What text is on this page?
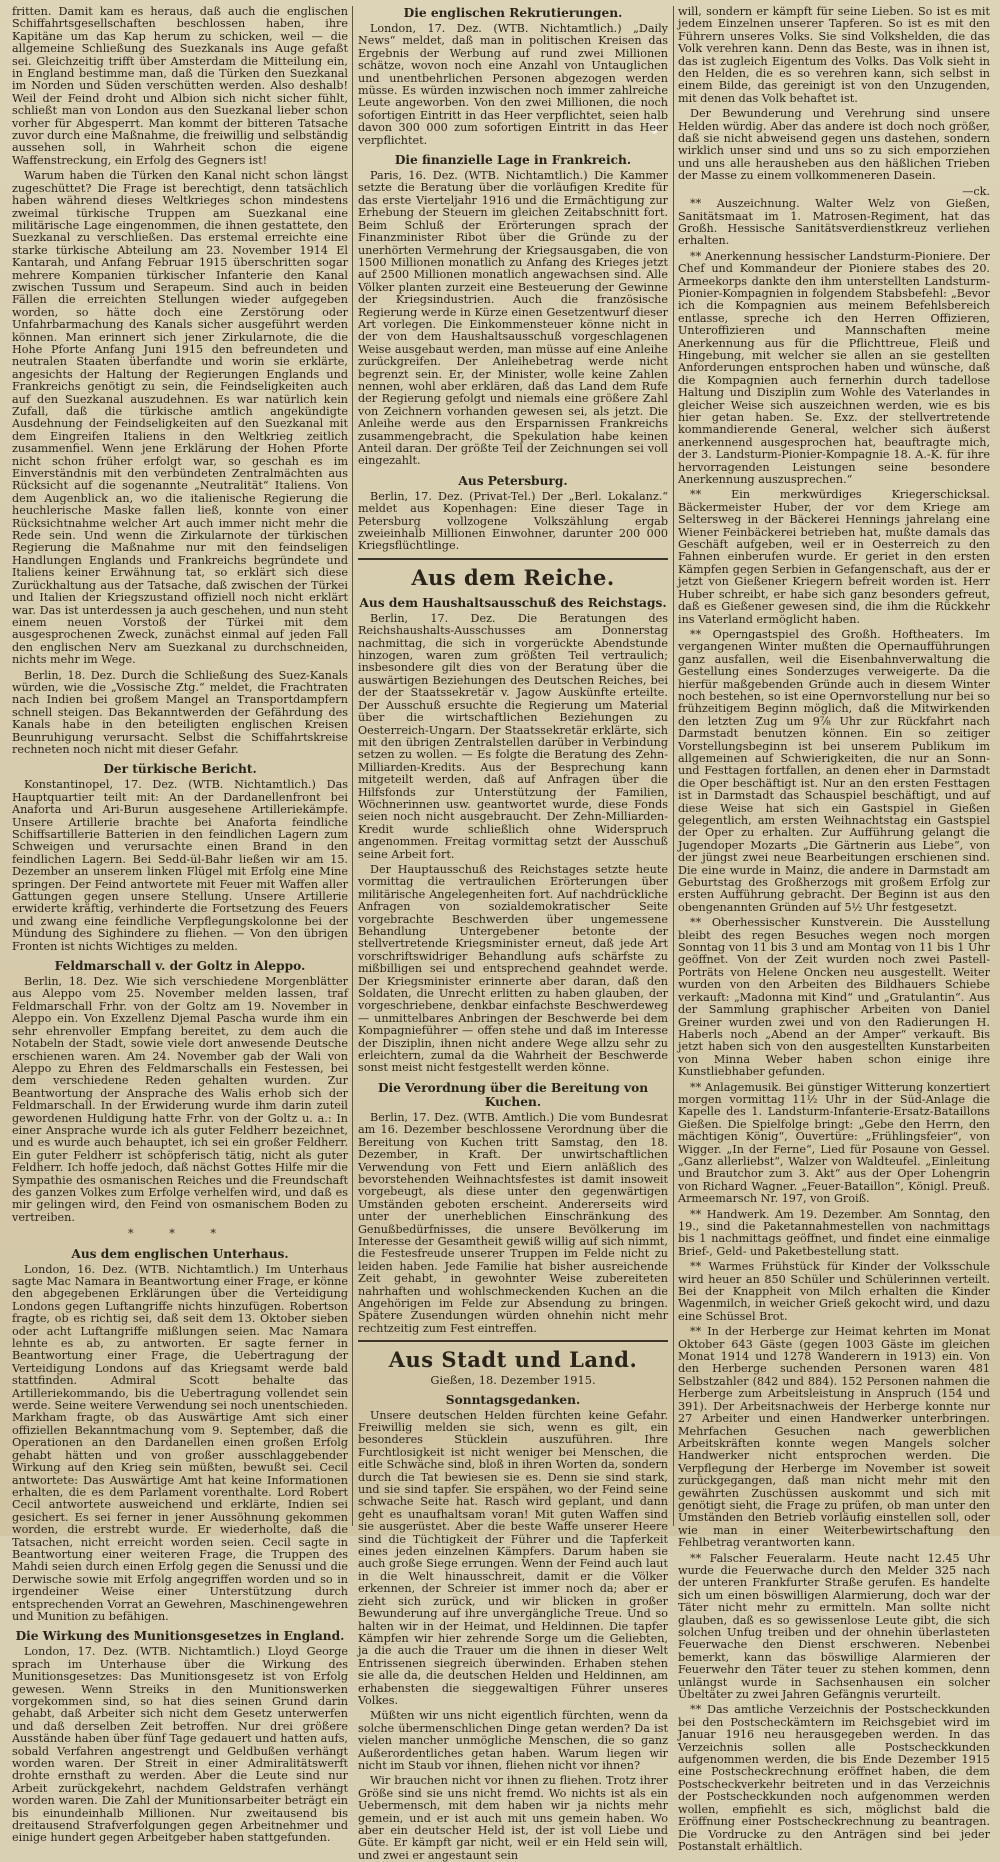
fritten. Damit kam es heraus, daß auch die englischen Schiffahrtsgesellschaften beschlossen haben, ihre Kapitäne um das Kap herum zu schicken, weil — die allgemeine Schließung des Suezkanals ins Auge gefaßt sei. Gleichzeitig trifft über Amsterdam die Mitteilung ein, in England bestimme man, daß die Türken den Suezkanal im Norden und Süden verschütten werden. Also deshalb! Weil der Feind droht und Albion sich nicht sicher fühlt, schließt man von London aus den Suezkanal lieber schon vorher für Abgesperrt. Man kommt der bitteren Tatsache zuvor durch eine Maßnahme, die freiwillig und selbständig aussehen soll, in Wahrheit schon die eigene Waffenstreckung, ein Erfolg des Gegners ist!

Warum haben die Türken den Kanal nicht schon längst zugeschüttet? Die Frage ist berechtigt, denn tatsächlich haben während dieses Weltkrieges schon mindestens zweimal türkische Truppen am Suezkanal eine militärische Lage eingenommen, die ihnen gestattete, den Suezkanal zu verschließen. Das erstemal erreichte eine starke türkische Abteilung am 23. November 1914 El Kantarah, und Anfang Februar 1915 überschritten sogar mehrere Kompanien türkischer Infanterie den Kanal zwischen Tussum und Serapeum. Sind auch in beiden Fällen die erreichten Stellungen wieder aufgegeben worden, so hätte doch eine Zerstörung oder Unfahrbarmachung des Kanals sicher ausgeführt werden können. Man erinnert sich jener Zirkularnote, die die Hohe Pforte Anfang Juni 1915 den befreundeten und neutralen Staaten überfandte und worin sie erklärte, angesichts der Haltung der Regierungen Englands und Frankreichs genötigt zu sein, die Feindseligkeiten auch auf den Suezkanal auszudehnen. Es war natürlich kein Zufall, daß die türkische amtlich angekündigte Ausdehnung der Feindseligkeiten auf den Suezkanal mit dem Eingreifen Italiens in den Weltkrieg zeitlich zusammenfiel. Wenn jene Erklärung der Hohen Pforte nicht schon früher erfolgt war, so geschah es im Einverständnis mit den verbündeten Zentralmächten aus Rücksicht auf die sogenannte „Neutralität“ Italiens. Von dem Augenblick an, wo die italienische Regierung die heuchlerische Maske fallen ließ, konnte von einer Rücksichtnahme welcher Art auch immer nicht mehr die Rede sein. Und wenn die Zirkularnote der türkischen Regierung die Maßnahme nur mit den feindseligen Handlungen Englands und Frankreichs begründete und Italiens keiner Erwähnung tat, so erklärt sich diese Zurückhaltung aus der Tatsache, daß zwischen der Türkei und Italien der Kriegszustand offiziell noch nicht erklärt war. Das ist unterdessen ja auch geschehen, und nun steht einem neuen Vorstoß der Türkei mit dem ausgesprochenen Zweck, zunächst einmal auf jeden Fall den englischen Nerv am Suezkanal zu durchschneiden, nichts mehr im Wege.

Berlin, 18. Dez. Durch die Schließung des Suez-Kanals würden, wie die „Vossische Ztg.“ meldet, die Frachtraten nach Indien bei großem Mangel an Transportdampfern schnell steigen. Das Bekanntwerden der Gefährdung des Kanals habe in den beteiligten englischen Kreisen Beunruhigung verursacht. Selbst die Schiffahrtskreise rechneten noch nicht mit dieser Gefahr.

Der türkische Bericht.

Konstantinopel, 17. Dez. (WTB. Nichtamtlich.) Das Hauptquartier teilt mit: An der Dardanellenfront bei Anaforta und Ari-Burun ausgesehene Artilleriekämpfe. Unsere Artillerie brachte bei Anaforta feindliche Schiffsartillerie Batterien in den feindlichen Lagern zum Schweigen und verursachte einen Brand in den feindlichen Lagern. Bei Sedd-ül-Bahr ließen wir am 15. Dezember an unserem linken Flügel mit Erfolg eine Mine springen. Der Feind antwortete mit Feuer mit Waffen aller Gattungen gegen unsere Stellung. Unsere Artillerie erwiderte kräftig, verhinderte die Fortsetzung des Feuers und zwang eine feindliche Verpflegungskolonne bei der Mündung des Sighindere zu fliehen. — Von den übrigen Fronten ist nichts Wichtiges zu melden.

Feldmarschall v. der Goltz in Aleppo.

Berlin, 18. Dez. Wie sich verschiedene Morgenblätter aus Aleppo vom 25. November melden lassen, traf Feldmarschall Frhr. von der Goltz am 19. November in Aleppo ein. Von Exzellenz Djemal Pascha wurde ihm ein sehr ehrenvoller Empfang bereitet, zu dem auch die Notabeln der Stadt, sowie viele dort anwesende Deutsche erschienen waren. Am 24. November gab der Wali von Aleppo zu Ehren des Feldmarschalls ein Festessen, bei dem verschiedene Reden gehalten wurden. Zur Beantwortung der Ansprache des Walis erhob sich der Feldmarschall. In der Erwiderung wurde ihm darin zuteil gewordenen Huldigung hatte Frhr. von der Goltz u. a.: In einer Ansprache wurde ich als guter Feldherr bezeichnet, und es wurde auch behauptet, ich sei ein großer Feldherr. Ein guter Feldherr ist schöpferisch tätig, nicht als guter Feldherr. Ich hoffe jedoch, daß nächst Gottes Hilfe mir die Sympathie des osmanischen Reiches und die Freundschaft des ganzen Volkes zum Erfolge verhelfen wird, und daß es mir gelingen wird, den Feind von osmanischem Boden zu vertreiben.

* * *
Aus dem englischen Unterhaus.

London, 16. Dez. (WTB. Nichtamtlich.) Im Unterhaus sagte Mac Namara in Beantwortung einer Frage, er könne den abgegebenen Erklärungen über die Verteidigung Londons gegen Luftangriffe nichts hinzufügen. Robertson fragte, ob es richtig sei, daß seit dem 13. Oktober sieben oder acht Luftangriffe mißlungen seien. Mac Namara lehnte es ab, zu antworten. Er sagte ferner in Beantwortung einer Frage, die Uebertragung der Verteidigung Londons auf das Kriegsamt werde bald stattfinden. Admiral Scott behalte das Artilleriekommando, bis die Uebertragung vollendet sein werde. Seine weitere Verwendung sei noch unentschieden. Markham fragte, ob das Auswärtige Amt sich einer offiziellen Bekanntmachung vom 9. September, daß die Operationen an den Dardanellen einen großen Erfolg gehabt hätten und von großer ausschlaggebender Wirkung auf den Krieg sein müßten, bewußt sei. Cecil antwortete: Das Auswärtige Amt hat keine Informationen erhalten, die es dem Parlament vorenthalte. Lord Robert Cecil antwortete ausweichend und erklärte, Indien sei gesichert. Es sei ferner in jener Aussöhnung gekommen worden, die erstrebt wurde. Er wiederholte, daß die Tatsachen, nicht erreicht worden seien. Cecil sagte in Beantwortung einer weiteren Frage, die Truppen des Mahdi seien durch einen Erfolg gegen die Senussi und die Derwische sowie mit Erfolg angegriffen worden und so in irgendeiner Weise einer Unterstützung durch entsprechenden Vorrat an Gewehren, Maschinengewehren und Munition zu befähigen.

Die Wirkung des Munitionsgesetzes in England.

London, 17. Dez. (WTB. Nichtamtlich.) Lloyd George sprach im Unterhause über die Wirkung des Munitionsgesetzes: Das Munitionsgesetz ist von Erfolg gewesen. Wenn Streiks in den Munitionswerken vorgekommen sind, so hat dies seinen Grund darin gehabt, daß Arbeiter sich nicht dem Gesetz unterwerfen und daß derselben Zeit betroffen. Nur drei größere Ausstände haben über fünf Tage gedauert und hatten aufs, sobald Verfahren angestrengt und Geldbußen verhängt worden waren. Der Streit in einer Admiralitätswerft drohte ernsthaft zu werden. Aber die Leute sind nur Arbeit zurückgekehrt, nachdem Geldstrafen verhängt worden waren. Die Zahl der Munitionsarbeiter beträgt ein bis einundeinhalb Millionen. Nur zweitausend bis dreitausend Strafverfolgungen gegen Arbeitnehmer und einige hundert gegen Arbeitgeber haben stattgefunden.

Die englischen Rekrutierungen.

London, 17. Dez. (WTB. Nichtamtlich.) „Daily News“ meldet, daß man in politischen Kreisen das Ergebnis der Werbung auf rund zwei Millionen schätze, wovon noch eine Anzahl von Untauglichen und unentbehrlichen Personen abgezogen werden müsse. Es würden inzwischen noch immer zahlreiche Leute angeworben. Von den zwei Millionen, die noch sofortigen Eintritt in das Heer verpflichtet, seien halb davon 300 000 zum sofortigen Eintritt in das Heer verpflichtet.

Die finanzielle Lage in Frankreich.

Paris, 16. Dez. (WTB. Nichtamtlich.) Die Kammer setzte die Beratung über die vorläufigen Kredite für das erste Vierteljahr 1916 und die Ermächtigung zur Erhebung der Steuern im gleichen Zeitabschnitt fort. Beim Schluß der Erörterungen sprach der Finanzminister Ribot über die Gründe zu der unerhörten Vermehrung der Kriegsausgaben, die von 1500 Millionen monatlich zu Anfang des Krieges jetzt auf 2500 Millionen monatlich angewachsen sind. Alle Völker planten zurzeit eine Besteuerung der Gewinne der Kriegsindustrien. Auch die französische Regierung werde in Kürze einen Gesetzentwurf dieser Art vorlegen. Die Einkommensteuer könne nicht in der von dem Haushaltsausschuß vorgeschlagenen Weise ausgebaut werden, man müsse auf eine Anleihe zurückgreifen. Der Anleihebetrag werde nicht begrenzt sein. Er, der Minister, wolle keine Zahlen nennen, wohl aber erklären, daß das Land dem Rufe der Regierung gefolgt und niemals eine größere Zahl von Zeichnern vorhanden gewesen sei, als jetzt. Die Anleihe werde aus den Ersparnissen Frankreichs zusammengebracht, die Spekulation habe keinen Anteil daran. Der größte Teil der Zeichnungen sei voll eingezahlt.

Aus Petersburg.

Berlin, 17. Dez. (Privat-Tel.) Der „Berl. Lokalanz.“ meldet aus Kopenhagen: Eine dieser Tage in Petersburg vollzogene Volkszählung ergab zweieinhalb Millionen Einwohner, darunter 200 000 Kriegsflüchtlinge.

Aus dem Reiche.
Aus dem Haushaltsausschuß des Reichstags.

Berlin, 17. Dez. Die Beratungen des Reichshaushalts-Ausschusses am Donnerstag nachmittag, die sich in vorgerückte Abendstunde hinzogen, waren zum größten Teil vertraulich; insbesondere gilt dies von der Beratung über die auswärtigen Beziehungen des Deutschen Reiches, bei der der Staatssekretär v. Jagow Auskünfte erteilte. Der Ausschuß ersuchte die Regierung um Material über die wirtschaftlichen Beziehungen zu Oesterreich-Ungarn. Der Staatssekretär erklärte, sich mit den übrigen Zentralstellen darüber in Verbindung setzen zu wollen. — Es folgte die Beratung des Zehn-Milliarden-Kredits. Aus der Besprechung kann mitgeteilt werden, daß auf Anfragen über die Hilfsfonds zur Unterstützung der Familien, Wöchnerinnen usw. geantwortet wurde, diese Fonds seien noch nicht ausgebraucht. Der Zehn-Milliarden-Kredit wurde schließlich ohne Widerspruch angenommen. Freitag vormittag setzt der Ausschuß seine Arbeit fort.

Der Hauptausschuß des Reichstages setzte heute vormittag die vertraulichen Erörterungen über militärische Angelegenheiten fort. Auf nachdrückliche Anfragen von sozialdemokratischer Seite vorgebrachte Beschwerden über ungemessene Behandlung Untergebener betonte der stellvertretende Kriegsminister erneut, daß jede Art vorschriftswidriger Behandlung aufs schärfste zu mißbilligen sei und entsprechend geahndet werde. Der Kriegsminister erinnerte aber daran, daß den Soldaten, die Unrecht erlitten zu haben glauben, der vorgeschriebene, denkbar einfachste Beschwerdeweg — unmittelbares Anbringen der Beschwerde bei dem Kompagnieführer — offen stehe und daß im Interesse der Disziplin, ihnen nicht andere Wege allzu sehr zu erleichtern, zumal da die Wahrheit der Beschwerde sonst meist nicht festgestellt werden könne.

Die Verordnung über die Bereitung von Kuchen.

Berlin, 17. Dez. (WTB. Amtlich.) Die vom Bundesrat am 16. Dezember beschlossene Verordnung über die Bereitung von Kuchen tritt Samstag, den 18. Dezember, in Kraft. Der unwirtschaftlichen Verwendung von Fett und Eiern anläßlich des bevorstehenden Weihnachtsfestes ist damit insoweit vorgebeugt, als diese unter den gegenwärtigen Umständen geboten erscheint. Andererseits wird unter der unerheblichen Einschränkung des Genußbedürfnisses, die unsere Bevölkerung im Interesse der Gesamtheit gewiß willig auf sich nimmt, die Festesfreude unserer Truppen im Felde nicht zu leiden haben. Jede Familie hat bisher ausreichende Zeit gehabt, in gewohnter Weise zubereiteten nahrhaften und wohlschmeckenden Kuchen an die Angehörigen im Felde zur Absendung zu bringen. Spätere Zusendungen würden ohnehin nicht mehr rechtzeitig zum Fest eintreffen.

Aus Stadt und Land.
Gießen, 18. Dezember 1915.
Sonntagsgedanken.

Unsere deutschen Helden fürchten keine Gefahr. Freiwillig melden sie sich, wenn es gilt, ein besonderes Stücklein auszuführen. Ihre Furchtlosigkeit ist nicht weniger bei Menschen, die eitle Schwäche sind, bloß in ihren Worten da, sondern durch die Tat bewiesen sie es. Denn sie sind stark, und sie sind tapfer. Sie erspähen, wo der Feind seine schwache Seite hat. Rasch wird geplant, und dann geht es unaufhaltsam voran! Mit guten Waffen sind sie ausgerüstet. Aber die beste Waffe unserer Heere sind die Tüchtigkeit der Führer und die Tapferkeit eines jeden einzelnen Kämpfers. Darum haben sie auch große Siege errungen. Wenn der Feind auch laut in die Welt hinausschreit, damit er die Völker erkennen, der Schreier ist immer noch da; aber er zieht sich zurück, und wir blicken in großer Bewunderung auf ihre unvergängliche Treue. Und so halten wir in der Heimat, und Heldinnen. Die tapfer Kämpfen wir hier zehrende Sorge um die Geliebten, ja die auch die Trauer um die ihnen in dieser Welt Entrissenen siegreich überwinden. Erhaben stehen sie alle da, die deutschen Helden und Heldinnen, am erhabensten die sieggewaltigen Führer unseres Volkes.

Müßten wir uns nicht eigentlich fürchten, wenn da solche übermenschlichen Dinge getan werden? Da ist vielen mancher unmögliche Menschen, die so ganz Außerordentliches getan haben. Warum liegen wir nicht im Staub vor ihnen, fliehen nicht vor ihnen?

Wir brauchen nicht vor ihnen zu fliehen. Trotz ihrer Größe sind sie uns nicht fremd. Wo nichts ist als ein Uebermensch, mit dem haben wir ja nichts mehr gemein, und er ist auch mit uns gemein haben. Wo aber ein deutscher Held ist, der ist voll Liebe und Güte. Er kämpft gar nicht, weil er ein Held sein will, und zwei er angestaunt sein

will, sondern er kämpft für seine Lieben. So ist es mit jedem Einzelnen unserer Tapferen. So ist es mit den Führern unseres Volks. Sie sind Volkshelden, die das Volk verehren kann. Denn das Beste, was in ihnen ist, das ist zugleich Eigentum des Volks. Das Volk sieht in den Helden, die es so verehren kann, sich selbst in einem Bilde, das gereinigt ist von den Unzugenden, mit denen das Volk behaftet ist.

Der Bewunderung und Verehrung sind unsere Helden würdig. Aber das andere ist doch noch größer, daß sie nicht abweisend gegen uns dastehen, sondern wirklich unser sind und uns so zu sich emporziehen und uns alle herausheben aus den häßlichen Trieben der Masse zu einem vollkommeneren Dasein.

—ck.

** Auszeichnung. Walter Welz von Gießen, Sanitätsmaat im 1. Matrosen-Regiment, hat das Großh. Hessische Sanitätsverdienstkreuz verliehen erhalten.

** Anerkennung hessischer Landsturm-Pioniere. Der Chef und Kommandeur der Pioniere stabes des 20. Armeekorps dankte den ihm unterstellten Landsturm-Pionier-Kompagnien in folgendem Stabsbefehl: „Bevor ich die Kompagnien aus meinem Befehlsbereich entlasse, spreche ich den Herren Offizieren, Unteroffizieren und Mannschaften meine Anerkennung aus für die Pflichttreue, Fleiß und Hingebung, mit welcher sie allen an sie gestellten Anforderungen entsprochen haben und wünsche, daß die Kompagnien auch fernerhin durch tadellose Haltung und Disziplin zum Wohle des Vaterlandes in gleicher Weise sich auszeichnen werden, wie es bis hier getan haben. Se. Exz. der stellvertretende kommandierende General, welcher sich äußerst anerkennend ausgesprochen hat, beauftragte mich, der 3. Landsturm-Pionier-Kompagnie 18. A.-K. für ihre hervorragenden Leistungen seine besondere Anerkennung auszusprechen.“

** Ein merkwürdiges Kriegerschicksal. Bäckermeister Huber, der vor dem Kriege am Seltersweg in der Bäckerei Hennings jahrelang eine Wiener Feinbäckerei betrieben hat, mußte damals das Geschäft aufgeben, weil er in Oesterreich zu den Fahnen einberufen wurde. Er geriet in den ersten Kämpfen gegen Serbien in Gefangenschaft, aus der er jetzt von Gießener Kriegern befreit worden ist. Herr Huber schreibt, er habe sich ganz besonders gefreut, daß es Gießener gewesen sind, die ihm die Rückkehr ins Vaterland ermöglicht haben.

** Operngastspiel des Großh. Hoftheaters. Im vergangenen Winter mußten die Opernaufführungen ganz ausfallen, weil die Eisenbahnverwaltung die Gestellung eines Sonderzuges verweigerte. Da die hierfür maßgebenden Gründe auch in diesem Winter noch bestehen, so ist eine Opernvorstellung nur bei so frühzeitigem Beginn möglich, daß die Mitwirkenden den letzten Zug um 9⅞ Uhr zur Rückfahrt nach Darmstadt benutzen können. Ein so zeitiger Vorstellungsbeginn ist bei unserem Publikum im allgemeinen auf Schwierigkeiten, die nur an Sonn- und Festtagen fortfallen, an denen eher in Darmstadt die Oper beschäftigt ist. Nur an den ersten Festtagen ist in Darmstadt das Schauspiel beschäftigt, und auf diese Weise hat sich ein Gastspiel in Gießen gelegentlich, am ersten Weihnachtstag ein Gastspiel der Oper zu erhalten. Zur Aufführung gelangt die Jugendoper Mozarts „Die Gärtnerin aus Liebe“, von der jüngst zwei neue Bearbeitungen erschienen sind. Die eine wurde in Mainz, die andere in Darmstadt am Geburtstag des Großherzogs mit großem Erfolg zur ersten Aufführung gebracht. Der Beginn ist aus den obengenannten Gründen auf 5½ Uhr festgesetzt.

** Oberhessischer Kunstverein. Die Ausstellung bleibt des regen Besuches wegen noch morgen Sonntag von 11 bis 3 und am Montag von 11 bis 1 Uhr geöffnet. Von der Zeit wurden noch zwei Pastell-Porträts von Helene Oncken neu ausgestellt. Weiter wurden von den Arbeiten des Bildhauers Schiebe verkauft: „Madonna mit Kind“ und „Gratulantin“. Aus der Sammlung graphischer Arbeiten von Daniel Greiner wurden zwei und von den Radierungen H. Haberls noch „Abend an der Amper“ verkauft. Bis jetzt haben sich von den ausgestellten Kunstarbeiten von Minna Weber haben schon einige ihre Kunstliebhaber gefunden.

** Anlagemusik. Bei günstiger Witterung konzertiert morgen vormittag 11½ Uhr in der Süd-Anlage die Kapelle des 1. Landsturm-Infanterie-Ersatz-Bataillons Gießen. Die Spielfolge bringt: „Gebe den Herrn, den mächtigen König“, Ouvertüre: „Frühlingsfeier“, von Wigger. „In der Ferne“, Lied für Posaune von Gessel. „Ganz allerliebst“, Walzer von Waldteufel. „Einleitung und Brautchor zum 3. Akt“ aus der Oper Lohengrin von Richard Wagner. „Feuer-Bataillon“, Königl. Preuß. Armeemarsch Nr. 197, von Groiß.

** Handwerk. Am 19. Dezember. Am Sonntag, den 19., sind die Paketannahmestellen von nachmittags bis 1 nachmittags geöffnet, und findet eine einmalige Brief-, Geld- und Paketbestellung statt.

** Warmes Frühstück für Kinder der Volksschule wird heuer an 850 Schüler und Schülerinnen verteilt. Bei der Knappheit von Milch erhalten die Kinder Wagenmilch, in weicher Grieß gekocht wird, und dazu eine Schüssel Brot.

** In der Herberge zur Heimat kehrten im Monat Oktober 643 Gäste (gegen 1003 Gäste im gleichen Monat 1914 und 1278 Wanderern in 1913) ein. Von den Herberge suchenden Personen waren 481 Selbstzahler (842 und 884). 152 Personen nahmen die Herberge zum Arbeitsleistung in Anspruch (154 und 391). Der Arbeitsnachweis der Herberge konnte nur 27 Arbeiter und einen Handwerker unterbringen. Mehrfachen Gesuchen nach gewerblichen Arbeitskräften konnte wegen Mangels solcher Handwerker nicht entsprochen werden. Die Verpflegung der Herberge im November ist soweit zurückgegangen, daß man nicht mehr mit den gewährten Zuschüssen auskommt und sich mit genötigt sieht, die Frage zu prüfen, ob man unter den Umständen den Betrieb vorläufig einstellen soll, oder wie man in einer Weiterbewirtschaftung den Fehlbetrag verantworten kann.

** Falscher Feueralarm. Heute nacht 12.45 Uhr wurde die Feuerwache durch den Melder 325 nach der unteren Frankfurter Straße gerufen. Es handelte sich um einen böswilligen Alarmierung, doch war der Täter nicht mehr zu ermitteln. Man sollte nicht glauben, daß es so gewissenlose Leute gibt, die sich solchen Unfug treiben und der ohnehin überlasteten Feuerwache den Dienst erschweren. Nebenbei bemerkt, kann das böswillige Alarmieren der Feuerwehr den Täter teuer zu stehen kommen, denn unlängst wurde in Sachsenhausen ein solcher Übeltäter zu zwei Jahren Gefängnis verurteilt.

** Das amtliche Verzeichnis der Postscheckkunden bei den Postscheckämtern im Reichsgebiet wird im Januar 1916 neu herausgegeben werden. In das Verzeichnis sollen alle Postscheckkunden aufgenommen werden, die bis Ende Dezember 1915 eine Postscheckrechnung eröffnet haben, die dem Postscheckverkehr beitreten und in das Verzeichnis der Postscheckkunden noch aufgenommen werden wollen, empfiehlt es sich, möglichst bald die Eröffnung einer Postscheckrechnung zu beantragen. Die Vordrucke zu den Anträgen sind bei jeder Postanstalt erhältlich.
